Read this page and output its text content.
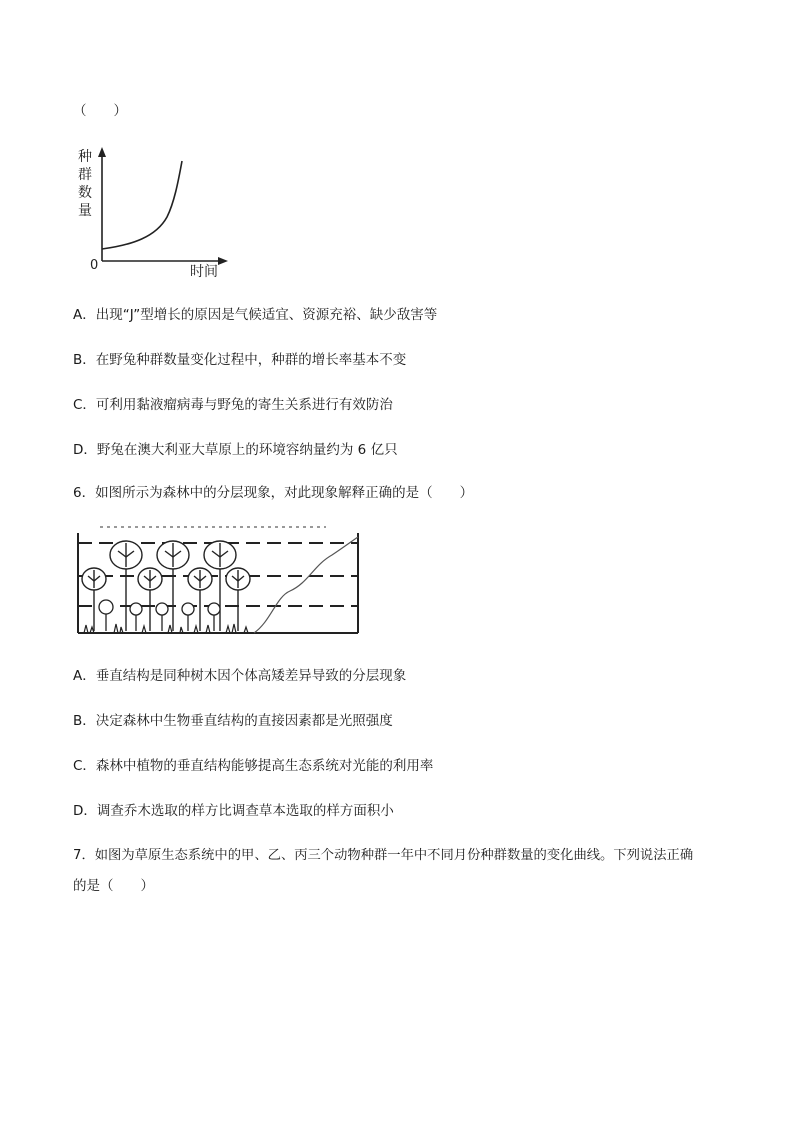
（　　）
种
群
数
量
0	时间
A．出现“J”型增长的原因是气候适宜、资源充裕、缺少敌害等
B．在野兔种群数量变化过程中，种群的增长率基本不变
C．可利用黏液瘤病毒与野兔的寄生关系进行有效防治
D．野兔在澳大利亚大草原上的环境容纳量约为 6 亿只
6．如图所示为森林中的分层现象，对此现象解释正确的是（　　）
A．垂直结构是同种树木因个体高矮差异导致的分层现象
B．决定森林中生物垂直结构的直接因素都是光照强度
C．森林中植物的垂直结构能够提高生态系统对光能的利用率
D．调查乔木选取的样方比调查草本选取的样方面积小
7．如图为草原生态系统中的甲、乙、丙三个动物种群一年中不同月份种群数量的变化曲线。下列说法正确
的是（　　）
